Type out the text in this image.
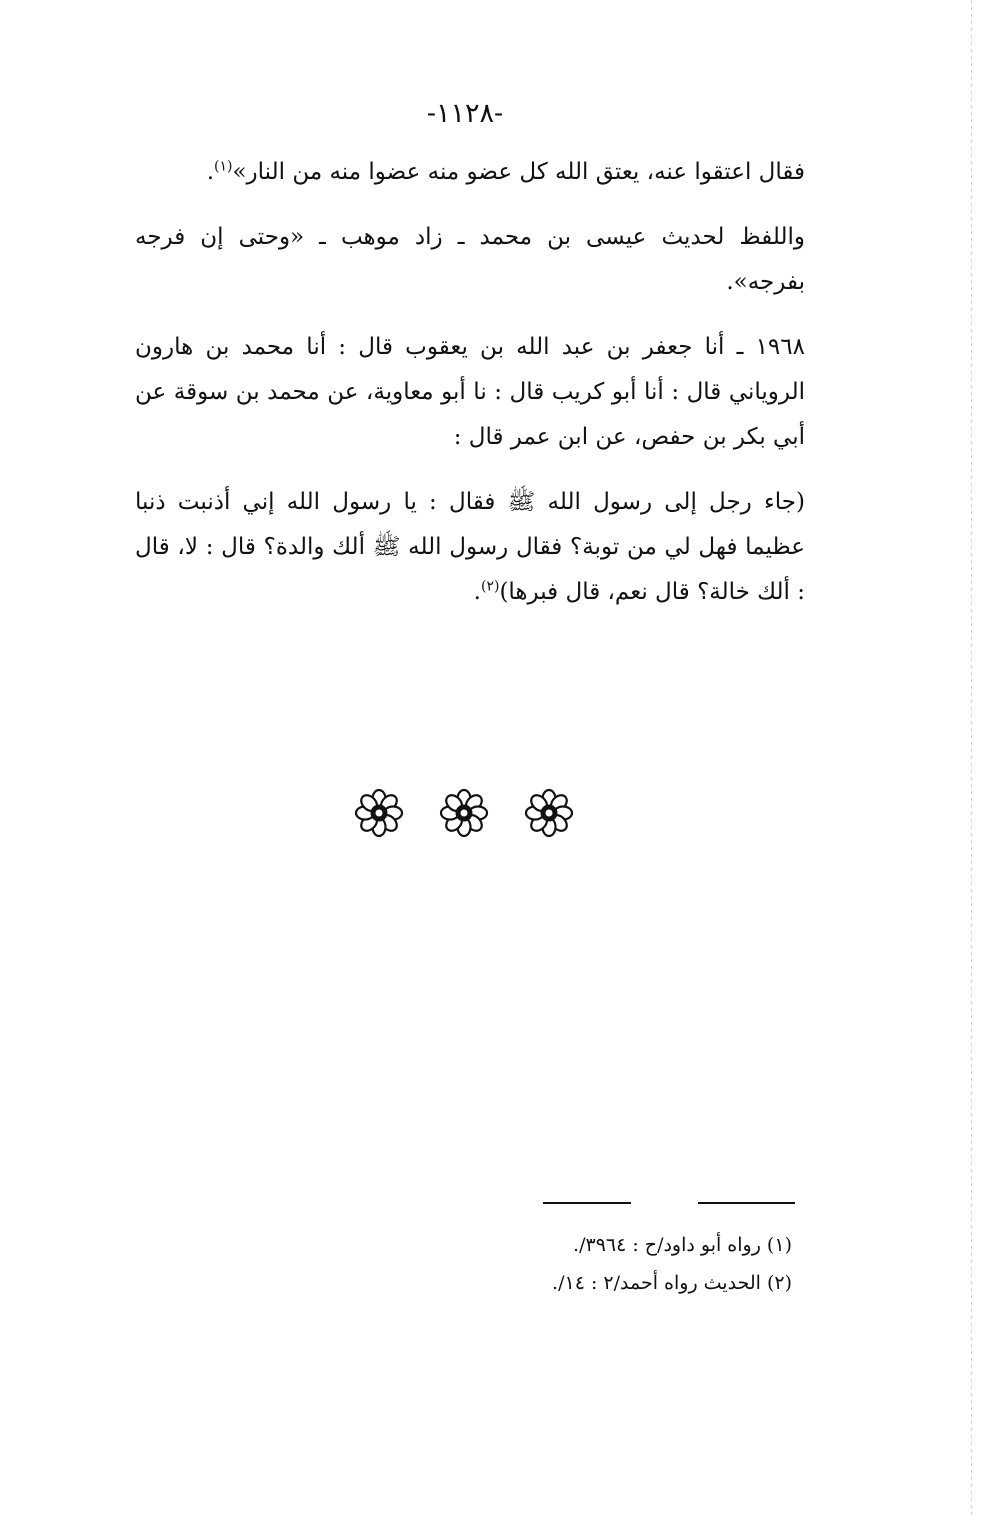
-١١٢٨-

فقال اعتقوا عنه، يعتق الله كل عضو منه عضوا منه من النار»$^{(١)}$.

واللفظ لحديث عيسى بن محمد ـ زاد موهب ـ «وحتى إن فرجه بفرجه».

١٩٦٨ ـ أنا جعفر بن عبد الله بن يعقوب قال : أنا محمد بن هارون الروياني قال : أنا أبو كريب قال : نا أبو معاوية، عن محمد بن سوقة عن أبي بكر بن حفص، عن ابن عمر قال :

(جاء رجل إلى رسول الله ﷺ فقال : يا رسول الله إني أذنبت ذنبا عظيما فهل لي من توبة؟ فقال رسول الله ﷺ ألك والدة؟ قال : لا، قال : ألك خالة؟ قال نعم، قال فبرها)$^{(٢)}$.

(١) رواه أبو داود/ح : ٣٩٦٤/.
(٢) الحديث رواه أحمد/٢ : ١٤/.
